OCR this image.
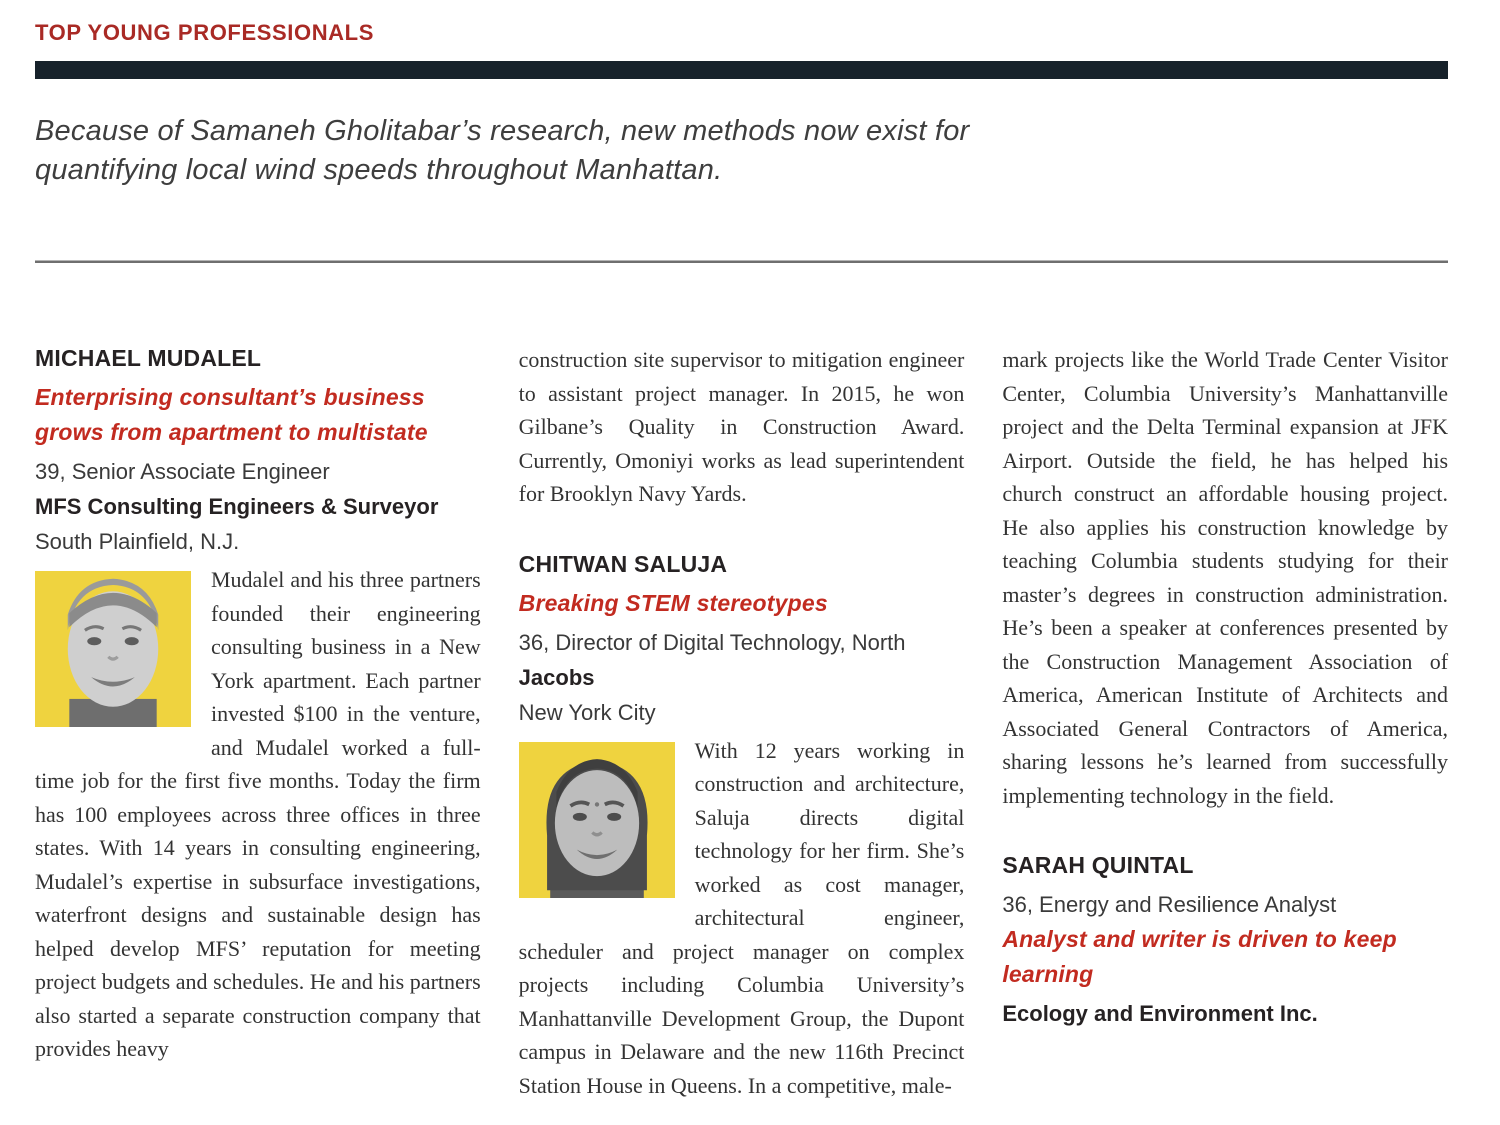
TOP YOUNG PROFESSIONALS
Because of Samaneh Gholitabar’s research, new methods now exist for quantifying local wind speeds throughout Manhattan.
MICHAEL MUDALEL
Enterprising consultant’s business grows from apartment to multistate
39, Senior Associate Engineer
MFS Consulting Engineers & Surveyor
South Plainfield, N.J.
Mudalel and his three partners founded their engineering consulting business in a New York apartment. Each partner invested $100 in the venture, and Mudalel worked a full-time job for the first five months. Today the firm has 100 employees across three offices in three states. With 14 years in consulting engineering, Mudalel’s expertise in subsurface investigations, waterfront designs and sustainable design has helped develop MFS’ reputation for meeting project budgets and schedules. He and his partners also started a separate construction company that provides heavy
construction site supervisor to mitigation engineer to assistant project manager. In 2015, he won Gilbane’s Quality in Construction Award. Currently, Omoniyi works as lead superintendent for Brooklyn Navy Yards.
CHITWAN SALUJA
Breaking STEM stereotypes
36, Director of Digital Technology, North
Jacobs
New York City
With 12 years working in construction and architecture, Saluja directs digital technology for her firm. She’s worked as cost manager, architectural engineer, scheduler and project manager on complex projects including Columbia University’s Manhattanville Development Group, the Dupont campus in Delaware and the new 116th Precinct Station House in Queens. In a competitive, male-
mark projects like the World Trade Center Visitor Center, Columbia University’s Manhattanville project and the Delta Terminal expansion at JFK Airport. Outside the field, he has helped his church construct an affordable housing project. He also applies his construction knowledge by teaching Columbia students studying for their master’s degrees in construction administration. He’s been a speaker at conferences presented by the Construction Management Association of America, American Institute of Architects and Associated General Contractors of America, sharing lessons he’s learned from successfully implementing technology in the field.
SARAH QUINTAL
36, Energy and Resilience Analyst
Analyst and writer is driven to keep learning
Ecology and Environment Inc.
